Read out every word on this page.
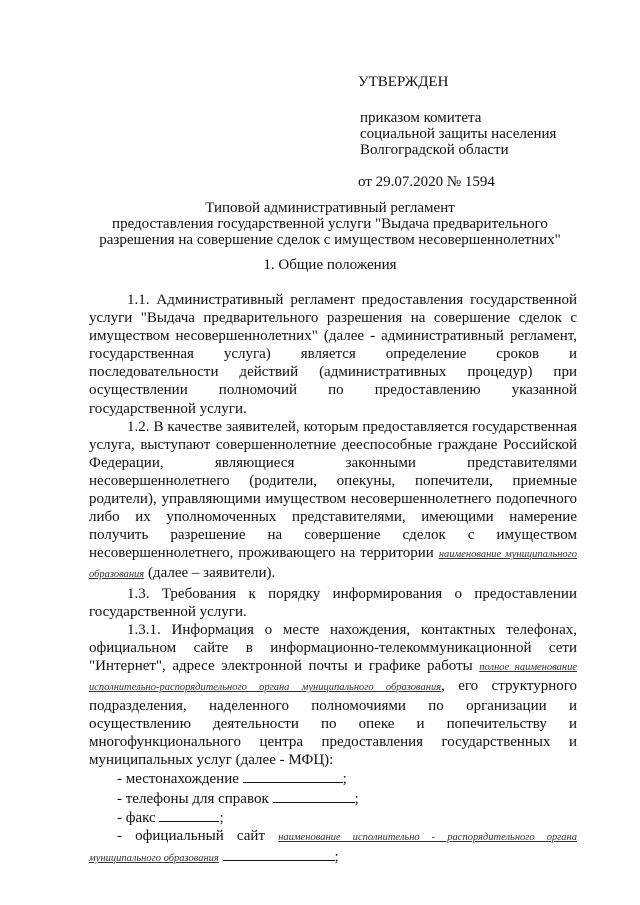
УТВЕРЖДЕН
приказом комитета
социальной защиты населения
Волгоградской области
от 29.07.2020 № 1594
Типовой административный регламент
предоставления государственной услуги "Выдача предварительного
разрешения на совершение сделок с имуществом несовершеннолетних"
1. Общие положения

1.1. Административный регламент предоставления государственной услуги "Выдача предварительного разрешения на совершение сделок с имуществом несовершеннолетних" (далее - административный регламент, государственная услуга) является определение сроков и последовательности действий (административных процедур) при осуществлении полномочий по предоставлению указанной государственной услуги.

1.2. В качестве заявителей, которым предоставляется государственная услуга, выступают совершеннолетние дееспособные граждане Российской Федерации, являющиеся законными представителями несовершеннолетнего (родители, опекуны, попечители, приемные родители), управляющими имуществом несовершеннолетнего подопечного либо их уполномоченных представителями, имеющими намерение получить разрешение на совершение сделок с имуществом несовершеннолетнего, проживающего на территории наименование муниципального образования (далее – заявители).

1.3. Требования к порядку информирования о предоставлении государственной услуги.

1.3.1. Информация о месте нахождения, контактных телефонах, официальном сайте в информационно-телекоммуникационной сети "Интернет", адресе электронной почты и графике работы полное наименование исполнительно-распорядительного органа муниципального образования, его структурного подразделения, наделенного полномочиями по организации и осуществлению деятельности по опеке и попечительству и многофункционального центра предоставления государственных и муниципальных услуг (далее - МФЦ):

- местонахождение	;

- телефоны для справок	;

- факс	;

- официальный сайт наименование исполнительно - распорядительного органа муниципального образования	;
